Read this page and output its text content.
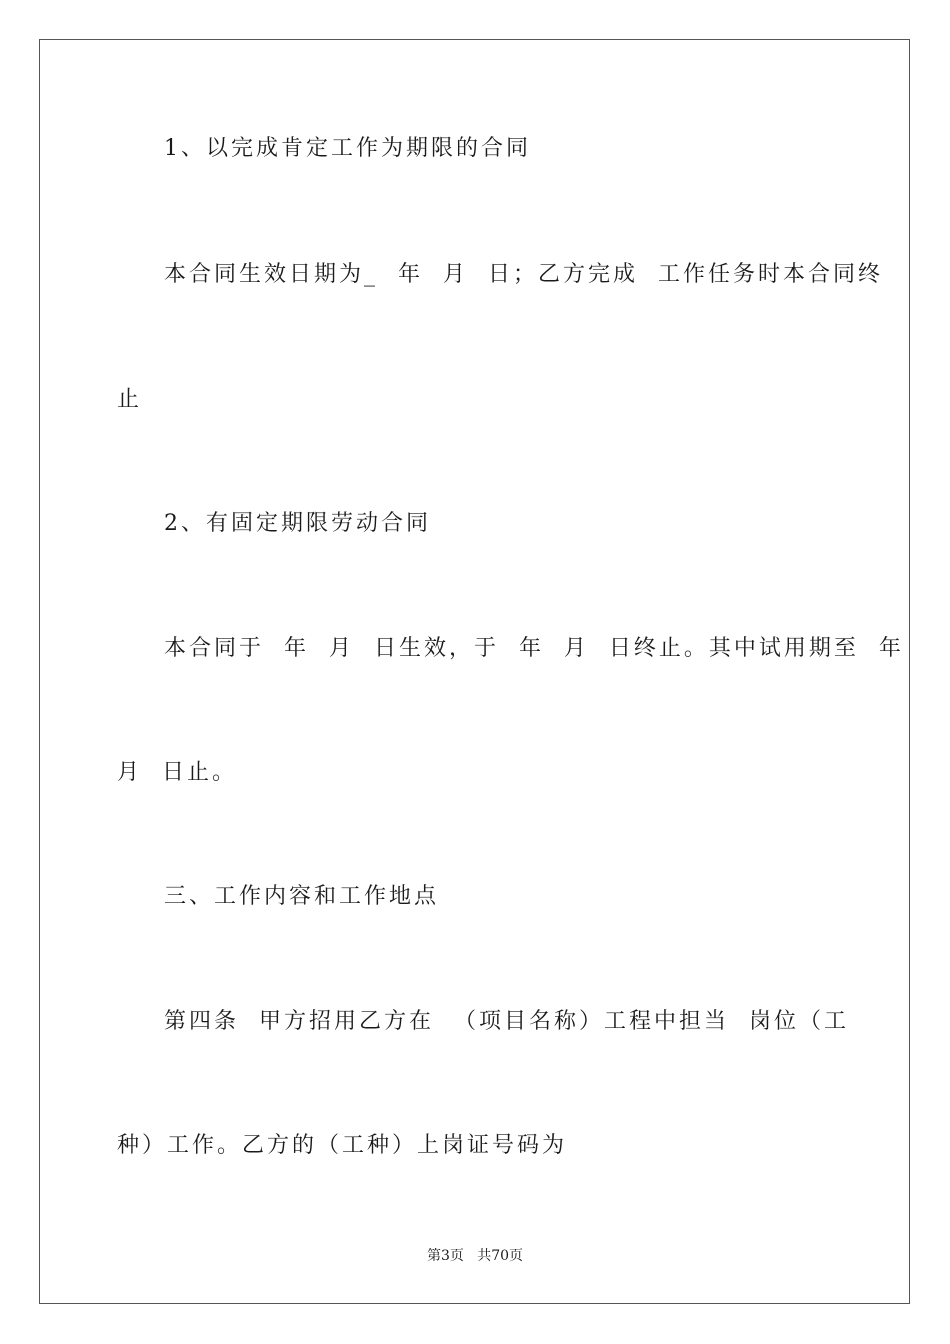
1、以完成肯定工作为期限的合同
本合同生效日期为_  年  月  日；乙方完成  工作任务时本合同终
止
2、有固定期限劳动合同
本合同于  年  月  日生效，于  年  月  日终止。其中试用期至  年
月  日止。
三、工作内容和工作地点
第四条  甲方招用乙方在  （项目名称）工程中担当  岗位（工
种）工作。乙方的（工种）上岗证号码为
第3页   共70页
